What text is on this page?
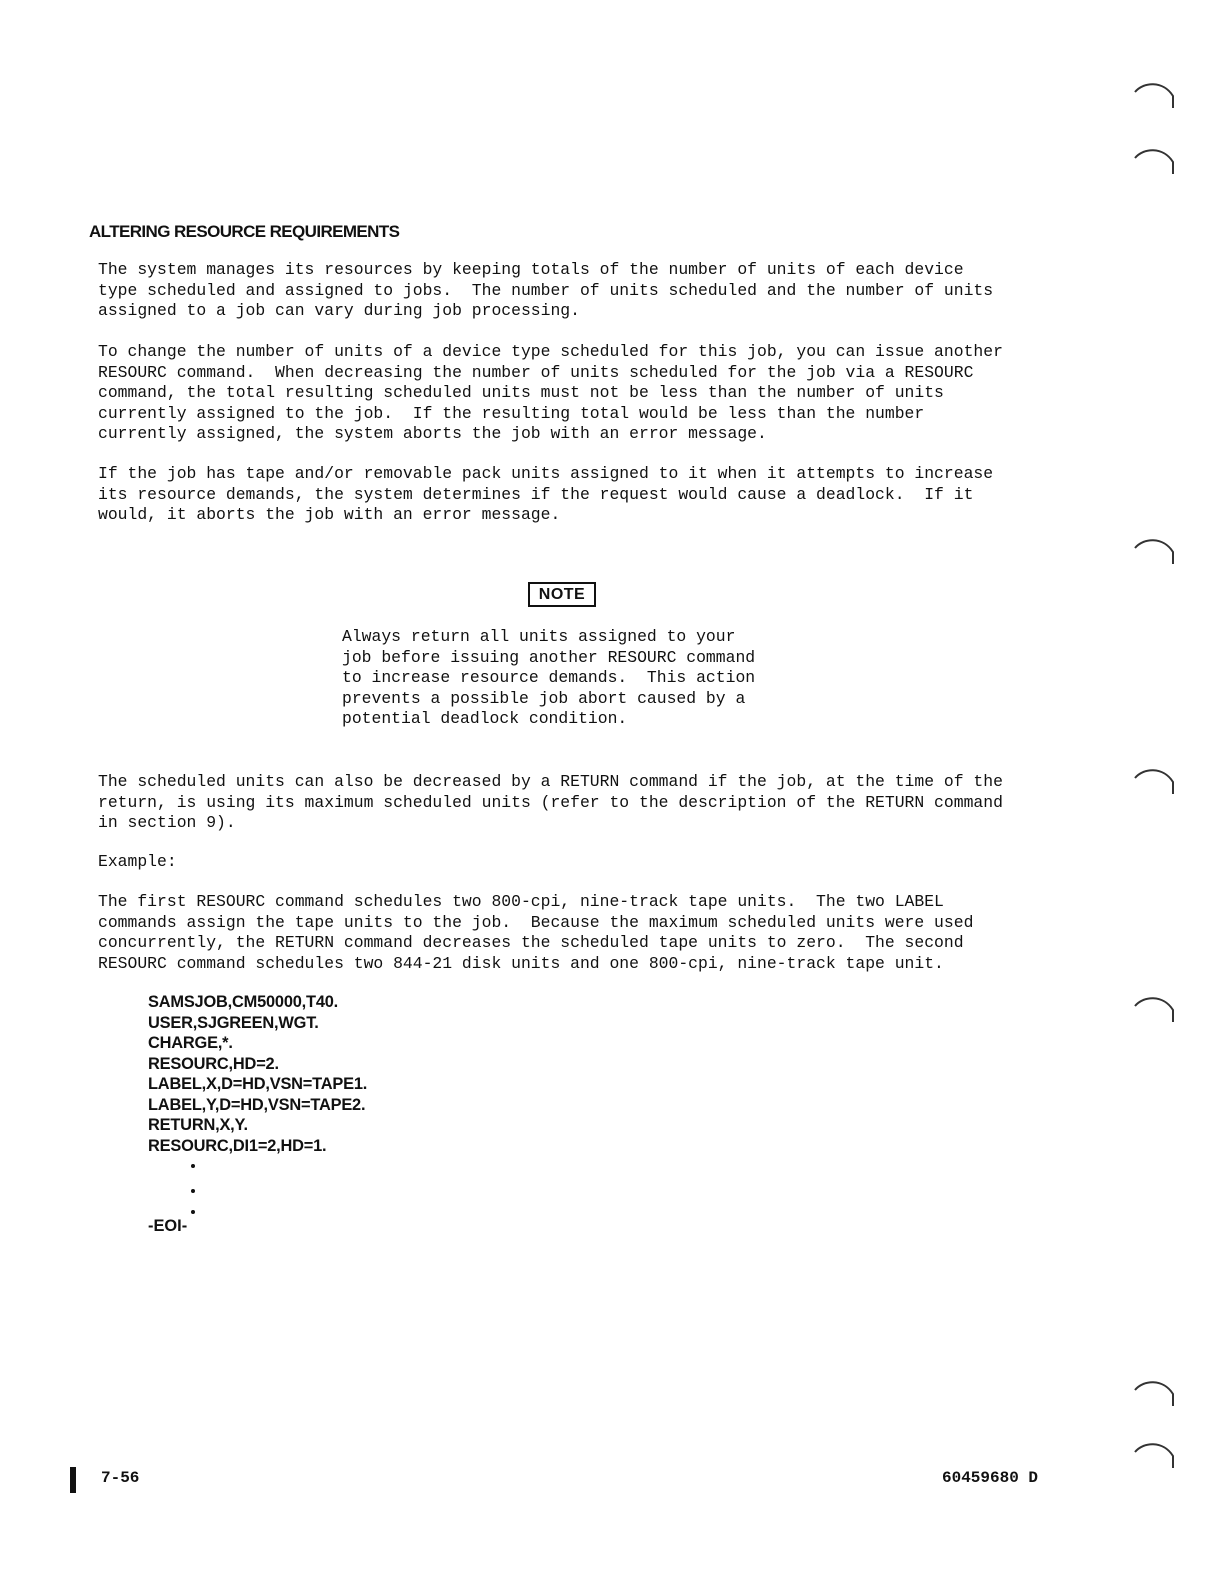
ALTERING RESOURCE REQUIREMENTS

The system manages its resources by keeping totals of the number of units of each device
type scheduled and assigned to jobs.  The number of units scheduled and the number of units
assigned to a job can vary during job processing.

To change the number of units of a device type scheduled for this job, you can issue another
RESOURC command.  When decreasing the number of units scheduled for the job via a RESOURC
command, the total resulting scheduled units must not be less than the number of units
currently assigned to the job.  If the resulting total would be less than the number
currently assigned, the system aborts the job with an error message.

If the job has tape and/or removable pack units assigned to it when it attempts to increase
its resource demands, the system determines if the request would cause a deadlock.  If it
would, it aborts the job with an error message.

NOTE

Always return all units assigned to your
job before issuing another RESOURC command
to increase resource demands.  This action
prevents a possible job abort caused by a
potential deadlock condition.

The scheduled units can also be decreased by a RETURN command if the job, at the time of the
return, is using its maximum scheduled units (refer to the description of the RETURN command
in section 9).

Example:

The first RESOURC command schedules two 800-cpi, nine-track tape units.  The two LABEL
commands assign the tape units to the job.  Because the maximum scheduled units were used
concurrently, the RETURN command decreases the scheduled tape units to zero.  The second
RESOURC command schedules two 844-21 disk units and one 800-cpi, nine-track tape unit.

SAMSJOB,CM50000,T40.
USER,SJGREEN,WGT.
CHARGE,*.
RESOURC,HD=2.
LABEL,X,D=HD,VSN=TAPE1.
LABEL,Y,D=HD,VSN=TAPE2.
RETURN,X,Y.
RESOURC,DI1=2,HD=1.

-EOI-

7-56	60459680 D
